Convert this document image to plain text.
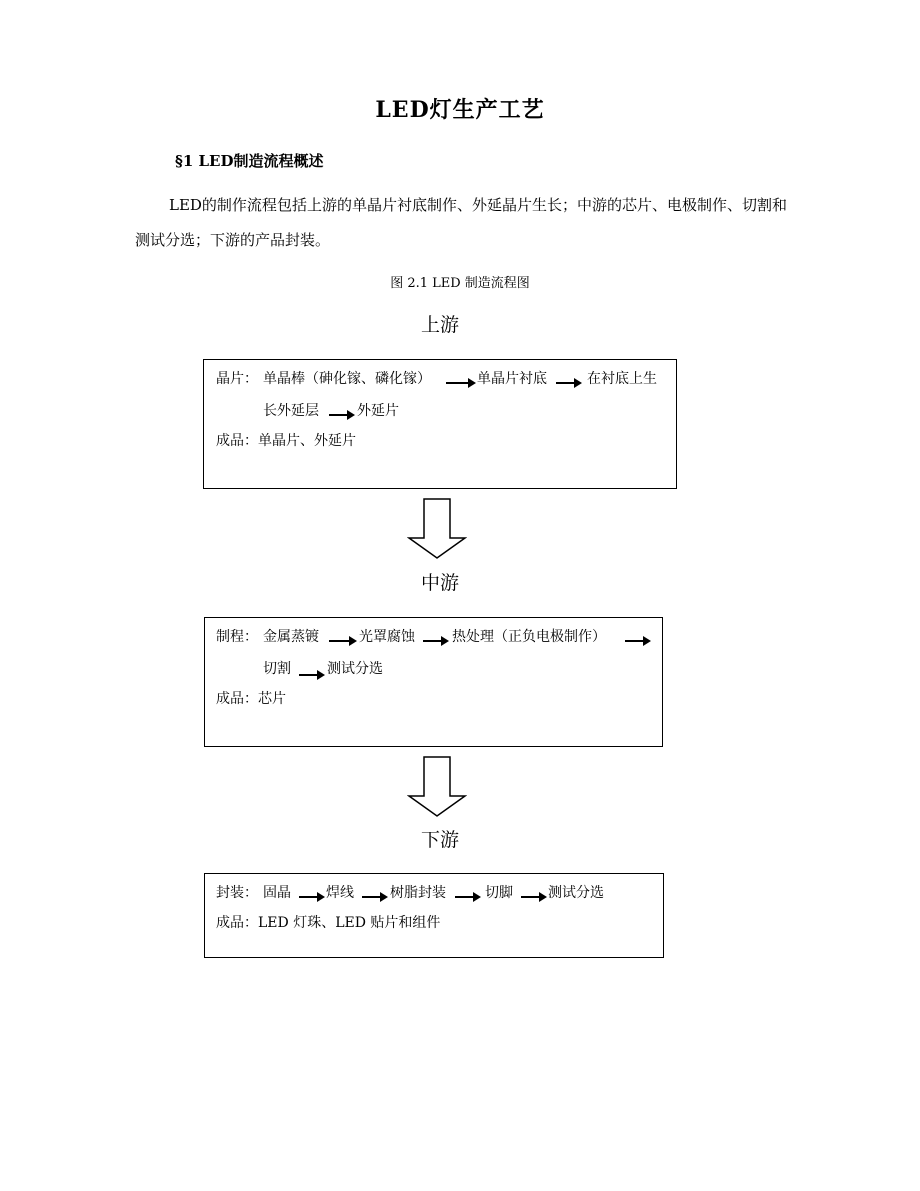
LED灯生产工艺
§1 LED制造流程概述
LED的制作流程包括上游的单晶片衬底制作、外延晶片生长；中游的芯片、电极制作、切割和测试分选；下游的产品封装。
图 2.1 LED 制造流程图
上游
晶片： 单晶棒（砷化镓、磷化镓）	单晶片衬底	在衬底上生
长外延层	外延片
成品：单晶片、外延片
中游
制程： 金属蒸镀	光罩腐蚀	热处理（正负电极制作）
切割	测试分选
成品：芯片
下游
封装： 固晶	焊线	树脂封装	切脚	测试分选
成品：LED 灯珠、LED 贴片和组件
